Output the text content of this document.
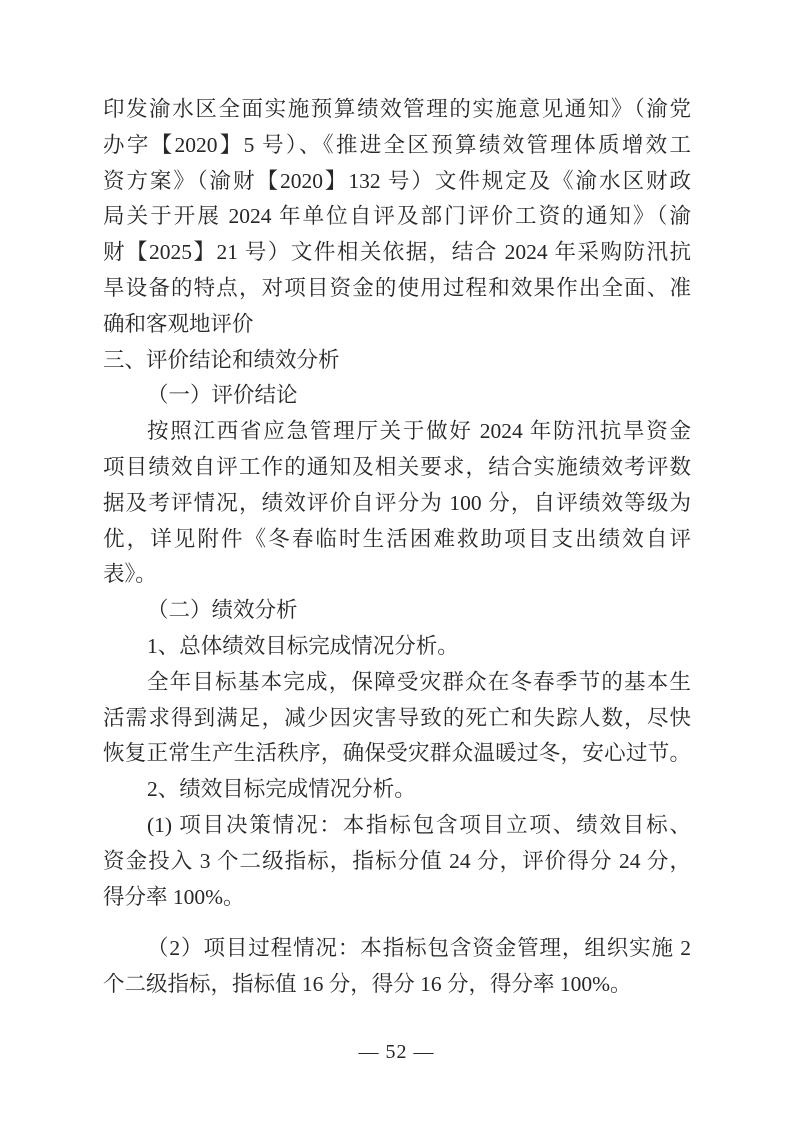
印发渝水区全面实施预算绩效管理的实施意见通知》（渝党
办字【2020】5 号）、《推进全区预算绩效管理体质增效工
资方案》（渝财【2020】132 号）文件规定及《渝水区财政
局关于开展 2024 年单位自评及部门评价工资的通知》（渝
财【2025】21 号）文件相关依据，结合 2024 年采购防汛抗
旱设备的特点，对项目资金的使用过程和效果作出全面、准
确和客观地评价
三、评价结论和绩效分析
（一）评价结论
按照江西省应急管理厅关于做好 2024 年防汛抗旱资金
项目绩效自评工作的通知及相关要求，结合实施绩效考评数
据及考评情况，绩效评价自评分为 100 分，自评绩效等级为
优，详见附件《冬春临时生活困难救助项目支出绩效自评
表》。
（二）绩效分析
1、总体绩效目标完成情况分析。
全年目标基本完成，保障受灾群众在冬春季节的基本生
活需求得到满足，减少因灾害导致的死亡和失踪人数，尽快
恢复正常生产生活秩序，确保受灾群众温暖过冬，安心过节。
2、绩效目标完成情况分析。
(1) 项目决策情况：本指标包含项目立项、绩效目标、
资金投入 3 个二级指标，指标分值 24 分，评价得分 24 分，
得分率 100%。
（2）项目过程情况：本指标包含资金管理，组织实施 2
个二级指标，指标值 16 分，得分 16 分，得分率 100%。
— 52 —
